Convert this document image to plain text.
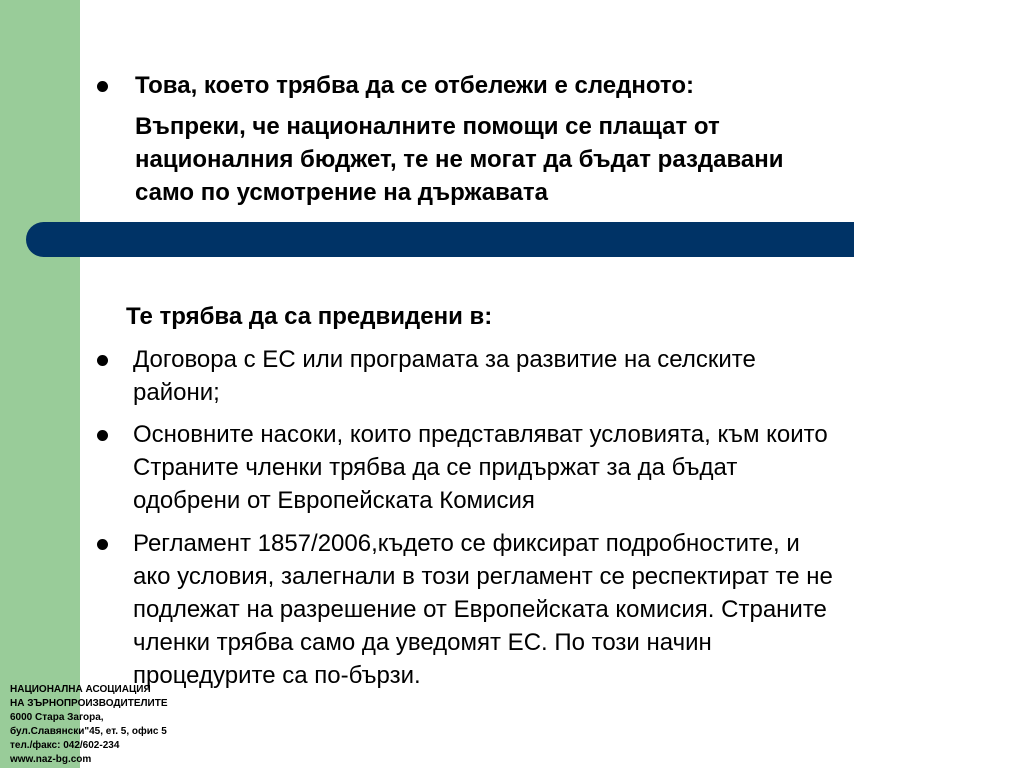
Това, което трябва да се отбележи е следното:
Въпреки, че националните помощи се плащат от
националния бюджет, те не могат да бъдат раздавани
само по усмотрение на държавата
Те трябва да са предвидени в:
Договора с ЕС или програмата за развитие на селските
райони;
Основните насоки, които представляват условията, към които
Страните членки трябва да се придържат за да бъдат
одобрени от Европейската Комисия
Регламент 1857/2006,където се фиксират подробностите, и
ако условия, залегнали в този регламент се респектират те не
подлежат на разрешение от Европейската комисия. Страните
членки трябва само да уведомят ЕС. По този начин
процедурите са по-бързи.
НАЦИОНАЛНА АСОЦИАЦИЯ
НА ЗЪРНОПРОИЗВОДИТЕЛИТЕ
6000 Стара Загора,
бул.Славянски"45, ет. 5, офис 5
тел./факс: 042/602-234
www.naz-bg.com
